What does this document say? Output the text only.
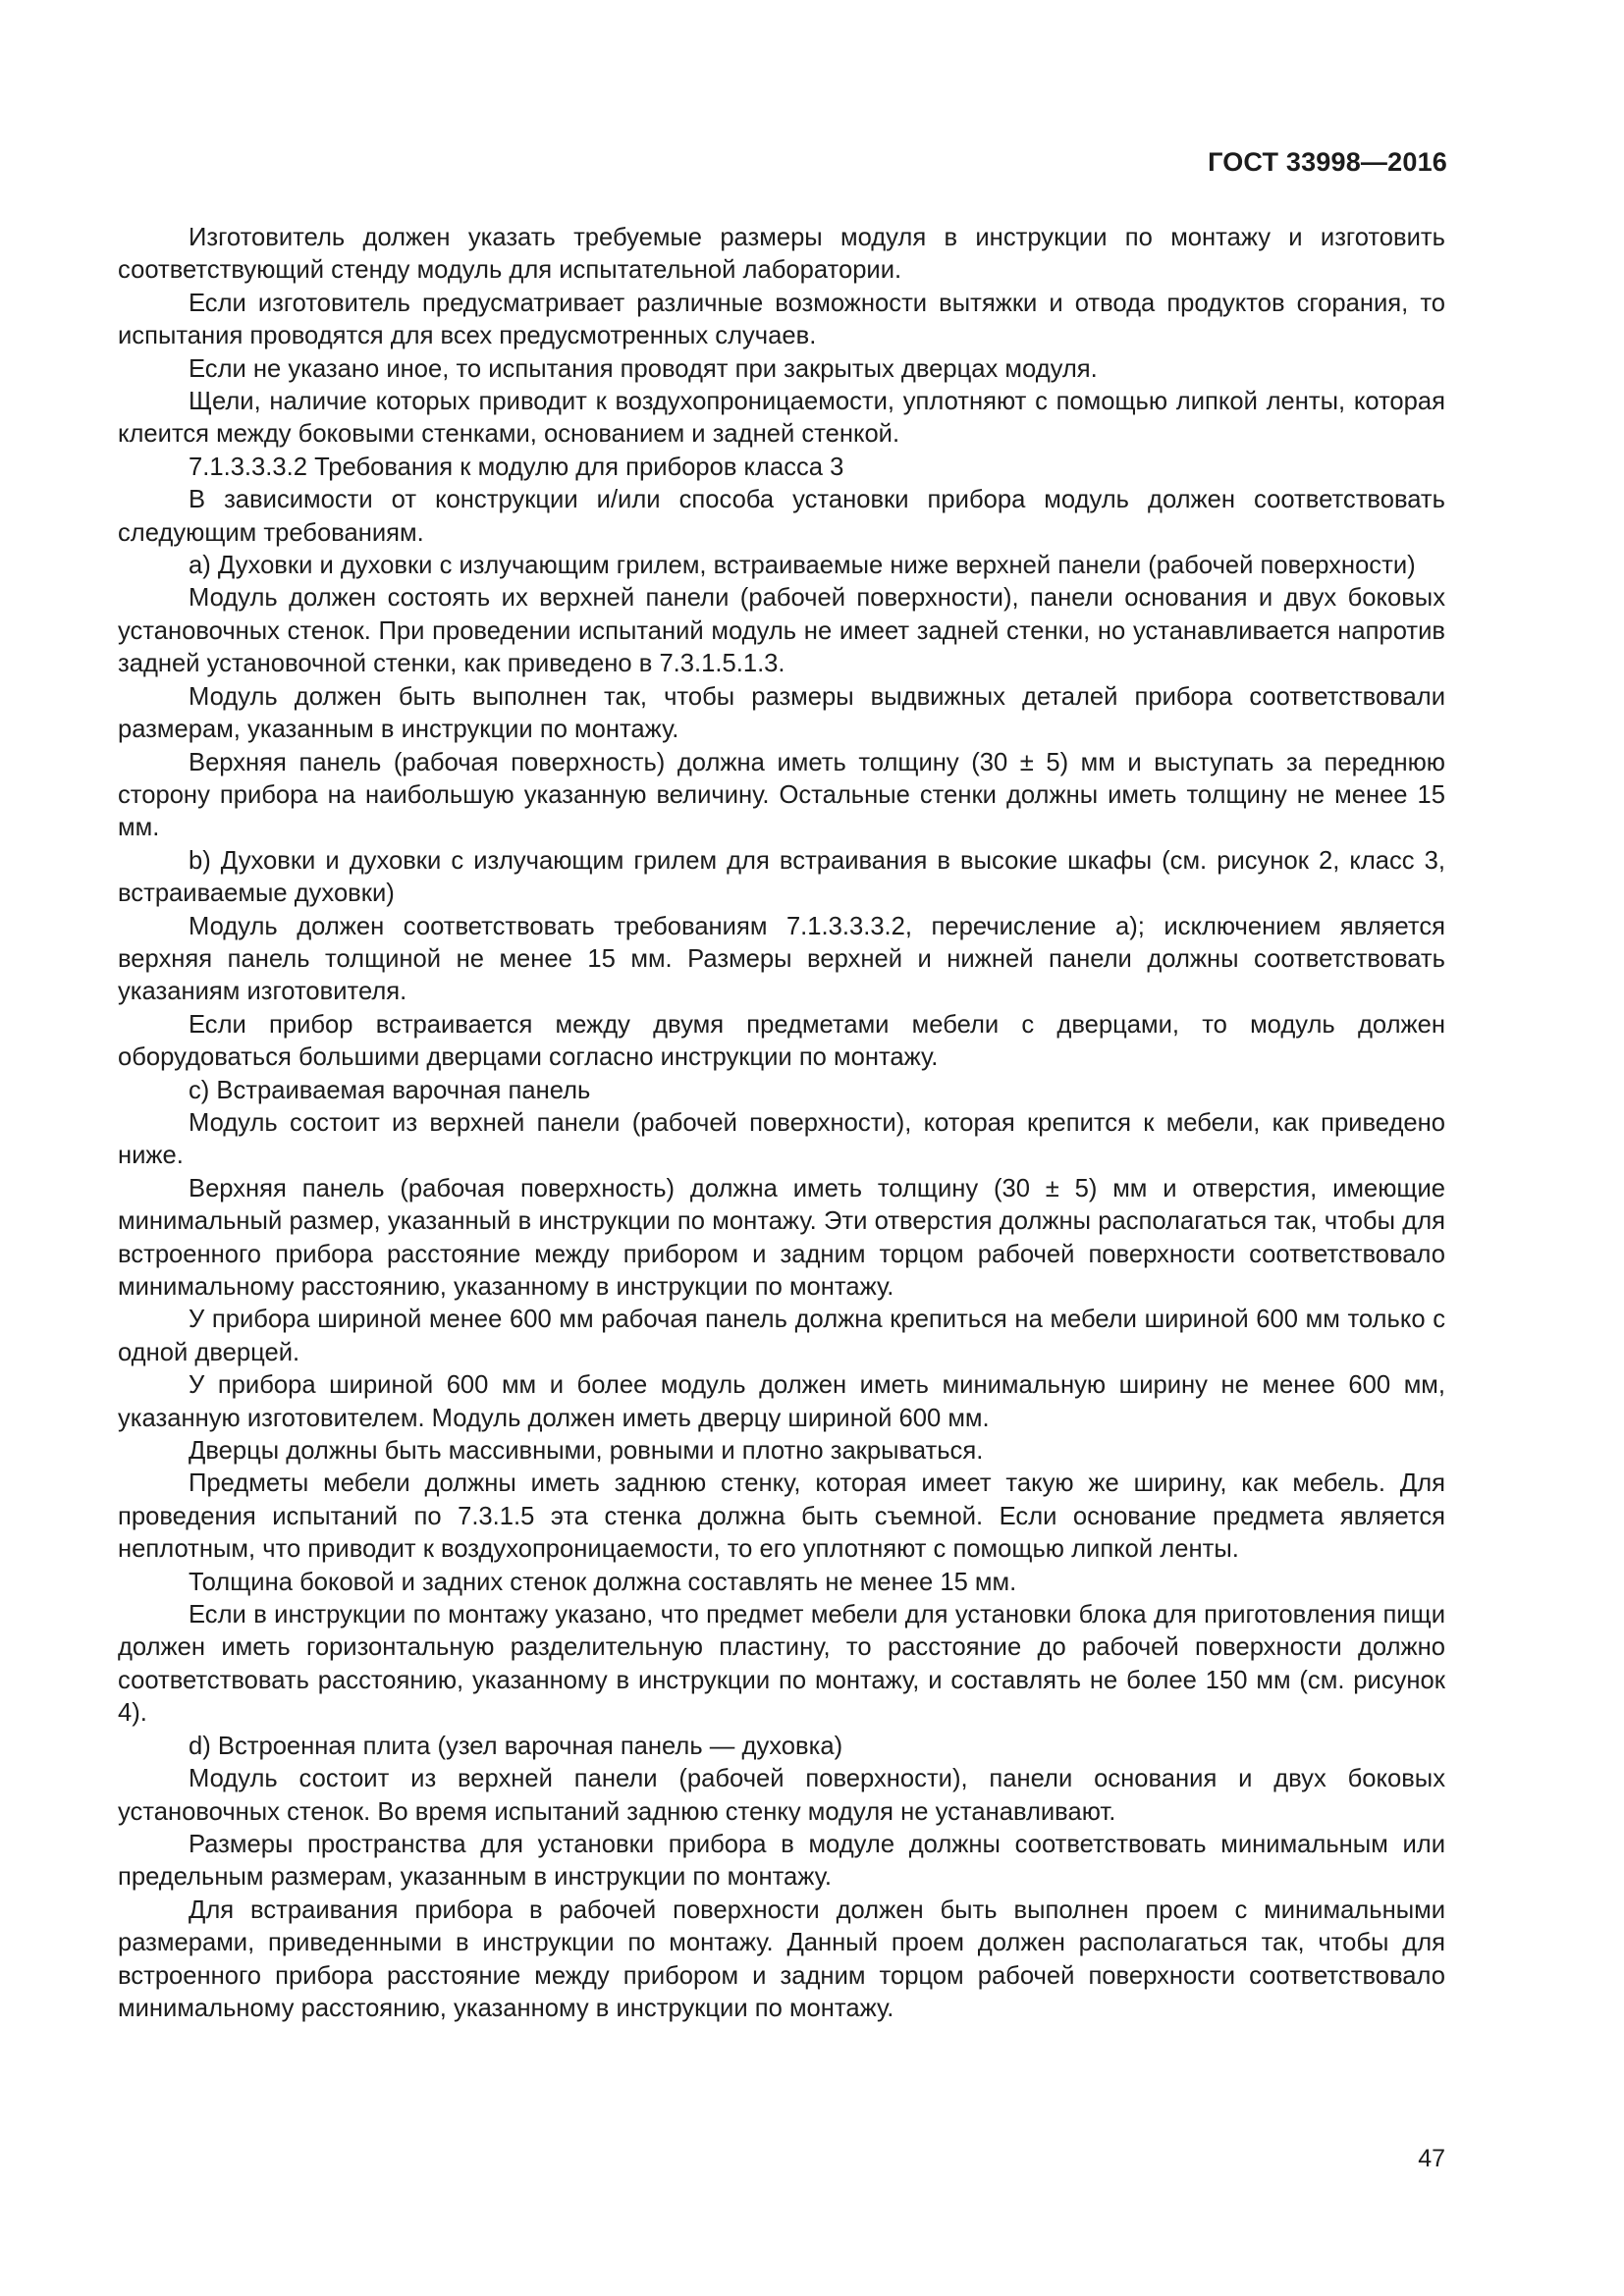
ГОСТ 33998—2016

Изготовитель должен указать требуемые размеры модуля в инструкции по монтажу и изготовить соответствующий стенду модуль для испытательной лаборатории.

Если изготовитель предусматривает различные возможности вытяжки и отвода продуктов сгорания, то испытания проводятся для всех предусмотренных случаев.

Если не указано иное, то испытания проводят при закрытых дверцах модуля.

Щели, наличие которых приводит к воздухопроницаемости, уплотняют с помощью липкой ленты, которая клеится между боковыми стенками, основанием и задней стенкой.

7.1.3.3.3.2 Требования к модулю для приборов класса 3

В зависимости от конструкции и/или способа установки прибора модуль должен соответствовать следующим требованиям.

а) Духовки и духовки с излучающим грилем, встраиваемые ниже верхней панели (рабочей поверхности)

Модуль должен состоять их верхней панели (рабочей поверхности), панели основания и двух боковых установочных стенок. При проведении испытаний модуль не имеет задней стенки, но устанавливается напротив задней установочной стенки, как приведено в 7.3.1.5.1.3.

Модуль должен быть выполнен так, чтобы размеры выдвижных деталей прибора соответствовали размерам, указанным в инструкции по монтажу.

Верхняя панель (рабочая поверхность) должна иметь толщину (30 ± 5) мм и выступать за переднюю сторону прибора на наибольшую указанную величину. Остальные стенки должны иметь толщину не менее 15 мм.

b) Духовки и духовки с излучающим грилем для встраивания в высокие шкафы (см. рисунок 2, класс 3, встраиваемые духовки)

Модуль должен соответствовать требованиям 7.1.3.3.3.2, перечисление а); исключением является верхняя панель толщиной не менее 15 мм. Размеры верхней и нижней панели должны соответствовать указаниям изготовителя.

Если прибор встраивается между двумя предметами мебели с дверцами, то модуль должен оборудоваться большими дверцами согласно инструкции по монтажу.

с) Встраиваемая варочная панель

Модуль состоит из верхней панели (рабочей поверхности), которая крепится к мебели, как приведено ниже.

Верхняя панель (рабочая поверхность) должна иметь толщину (30 ± 5) мм и отверстия, имеющие минимальный размер, указанный в инструкции по монтажу. Эти отверстия должны располагаться так, чтобы для встроенного прибора расстояние между прибором и задним торцом рабочей поверхности соответствовало минимальному расстоянию, указанному в инструкции по монтажу.

У прибора шириной менее 600 мм рабочая панель должна крепиться на мебели шириной 600 мм только с одной дверцей.

У прибора шириной 600 мм и более модуль должен иметь минимальную ширину не менее 600 мм, указанную изготовителем. Модуль должен иметь дверцу шириной 600 мм.

Дверцы должны быть массивными, ровными и плотно закрываться.

Предметы мебели должны иметь заднюю стенку, которая имеет такую же ширину, как мебель. Для проведения испытаний по 7.3.1.5 эта стенка должна быть съемной. Если основание предмета является неплотным, что приводит к воздухопроницаемости, то его уплотняют с помощью липкой ленты.

Толщина боковой и задних стенок должна составлять не менее 15 мм.

Если в инструкции по монтажу указано, что предмет мебели для установки блока для приготовления пищи должен иметь горизонтальную разделительную пластину, то расстояние до рабочей поверхности должно соответствовать расстоянию, указанному в инструкции по монтажу, и составлять не более 150 мм (см. рисунок 4).

d) Встроенная плита (узел варочная панель — духовка)

Модуль состоит из верхней панели (рабочей поверхности), панели основания и двух боковых установочных стенок. Во время испытаний заднюю стенку модуля не устанавливают.

Размеры пространства для установки прибора в модуле должны соответствовать минимальным или предельным размерам, указанным в инструкции по монтажу.

Для встраивания прибора в рабочей поверхности должен быть выполнен проем с минимальными размерами, приведенными в инструкции по монтажу. Данный проем должен располагаться так, чтобы для встроенного прибора расстояние между прибором и задним торцом рабочей поверхности соответствовало минимальному расстоянию, указанному в инструкции по монтажу.

47
